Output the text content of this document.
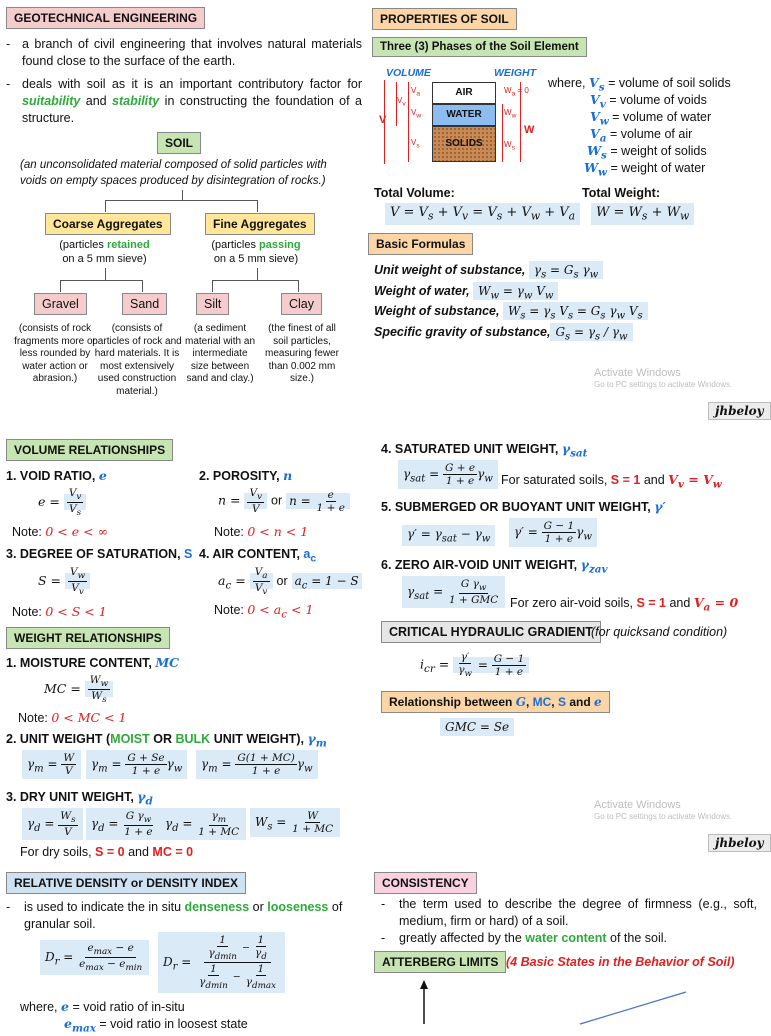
GEOTECHNICAL ENGINEERING
- a branch of civil engineering that involves natural materials found close to the surface of the earth.
- deals with soil as it is an important contributory factor for suitability and stability in constructing the foundation of a structure.
SOIL
(an unconsolidated material composed of solid particles with voids on empty spaces produced by disintegration of rocks.)
Coarse Aggregates	Fine Aggregates
(particles retained
on a 5 mm sieve)
(particles passing
on a 5 mm sieve)
Gravel	Sand	Silt	Clay
(consists of rock fragments more or less rounded by water action or abrasion.)
(consists of particles of rock and hard materials. It is most extensively used construction material.)
(a sediment material with an intermediate size between sand and clay.)
(the finest of all soil particles, measuring fewer than 0.002 mm size.)
PROPERTIES OF SOIL
Three (3) Phases of the Soil Element
VOLUME	WEIGHT
AIR
WATER
SOLIDS
V
$V_v$
$V_a$
$V_w$
$V_s$
$W_a = 0$
$W_w$
$W_s$
W
where, $V_s$ = volume of soil solids
$V_v$ = volume of voids
$V_w$ = volume of water
$V_a$ = volume of air
$W_s$ = weight of solids
$W_w$ = weight of water
Total Volume:	Total Weight:
$V = V_s + V_v = V_s + V_w + V_a$	$W = W_s + W_w$
Basic Formulas
Unit weight of substance, $\gamma_s = G_s$ $\gamma_w$
Weight of water, $W_w = \gamma_w$ $V_w$
Weight of substance, $W_s = \gamma_s$ $V_s = G_s$ $\gamma_w$ $V_s$
Specific gravity of substance, $G_s = \gamma_s / \gamma_w$
Activate Windows
Go to PC settings to activate Windows.
jhbeloy
VOLUME RELATIONSHIPS
1. VOID RATIO, e
$e = \frac{V_v}{V_s}$
Note: 0 < e < ∞
2. POROSITY, n
$n = \frac{V_v}{V}$ or $n = \frac{e}{1 + e}$
Note: 0 < n < 1
3. DEGREE OF SATURATION, S
$S = \frac{V_w}{V_v}$
Note: 0 < S < 1
4. AIR CONTENT, $a_c$
$a_c = \frac{V_a}{V_v}$ or $a_c = 1 - S$
Note: $0 < a_c < 1$
WEIGHT RELATIONSHIPS
1. MOISTURE CONTENT, MC
MC = $\frac{W_w}{W_s}$
Note: 0 < MC < 1
2. UNIT WEIGHT (MOIST OR BULK UNIT WEIGHT), $\gamma_m$
$\gamma_m = \frac{W}{V}$	$\gamma_m = \frac{G + Se}{1 + e} \gamma_w$	$\gamma_m = \frac{G(1 + MC)}{1 + e} \gamma_w$
3. DRY UNIT WEIGHT, $\gamma_d$
$\gamma_d = \frac{W_s}{V}$	$\gamma_d = \frac{G \gamma_w}{1 + e} \gamma_d = \frac{\gamma_m}{1 + MC}$	$W_s = \frac{W}{1 + MC}$
For dry soils, S = 0 and MC = 0
4. SATURATED UNIT WEIGHT, $\gamma_{sat}$
$\gamma_{sat} = \frac{G + e}{1 + e} \gamma_w$ For saturated soils, S = 1 and $V_v = V_w$
5. SUBMERGED OR BUOYANT UNIT WEIGHT, γ′
$\gamma' = \gamma_{sat} - \gamma_w$	$\gamma' = \frac{G - 1}{1 + e} \gamma_w$
6. ZERO AIR-VOID UNIT WEIGHT, $\gamma_{zav}$
$\gamma_{sat} = \frac{G \gamma_w}{\text{1 + GMC}}$ For zero air-void soils, S = 1 and $V_a = 0$
CRITICAL HYDRAULIC GRADIENT
(for quicksand condition)
$i_{cr} = \frac{\gamma'}{\gamma_w} = \frac{G - 1}{1 + e}$
Relationship between G, MC, S and e
GMC = Se
Activate Windows
Go to PC settings to activate Windows.
jhbeloy
RELATIVE DENSITY or DENSITY INDEX
- is used to indicate the in situ denseness or looseness of granular soil.
$D_r = \frac{e_{max} - e}{e_{max} - e_{min}}$	$D_r = \frac{\frac{1}{\gamma_{dmin}} - \frac{1}{\gamma_d}}{\frac{1}{\gamma_{dmin}} - \frac{1}{\gamma_{dmax}}}$
where, e = void ratio of in-situ
$e_{max}$ = void ratio in loosest state
CONSISTENCY
- the term used to describe the degree of firmness (e.g., soft, medium, firm or hard) of a soil.
- greatly affected by the water content of the soil.
ATTERBERG LIMITS (4 Basic States in the Behavior of Soil)
